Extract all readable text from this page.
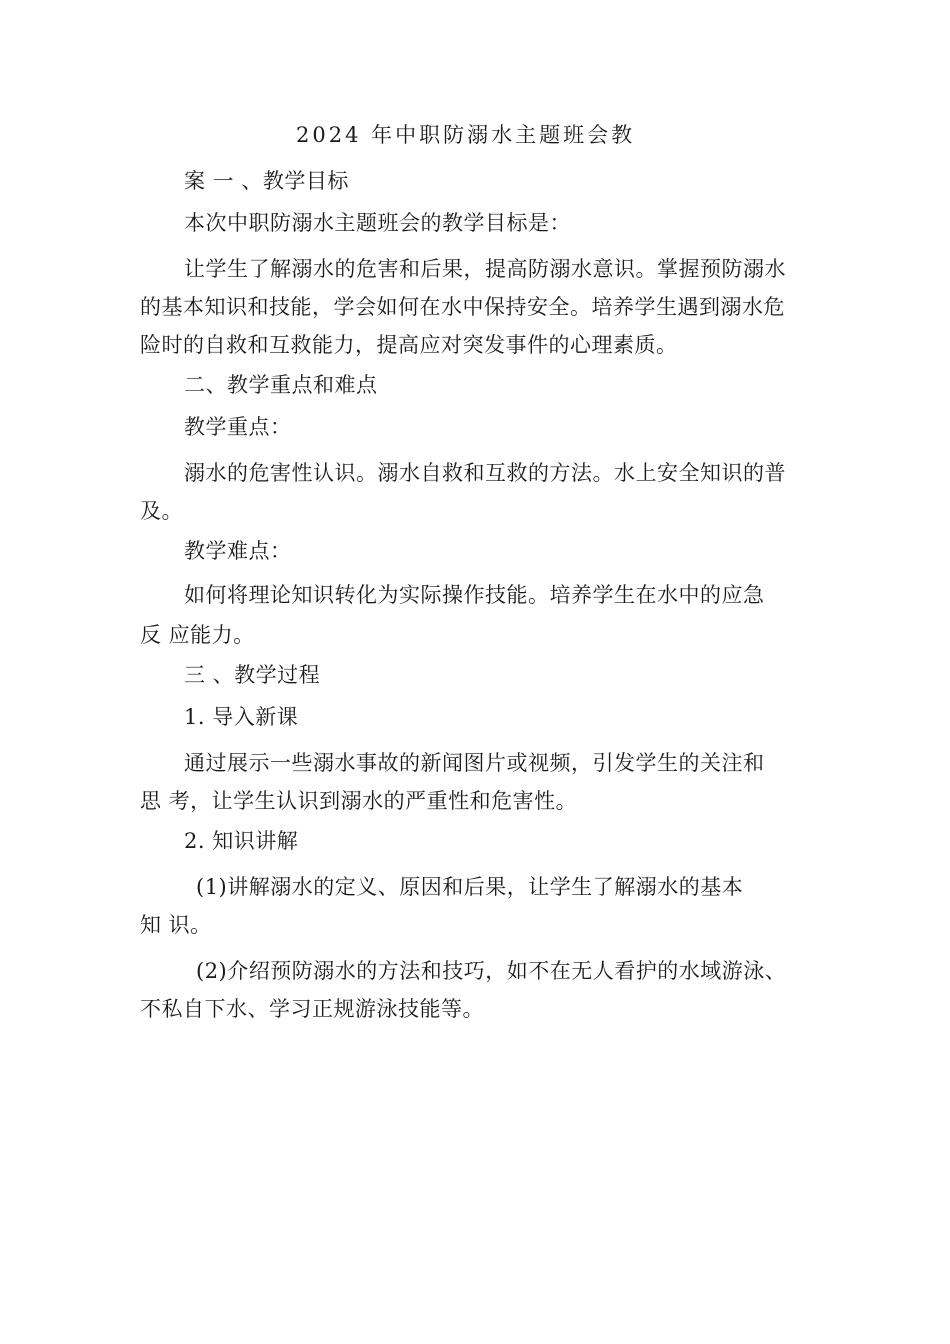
2024 年中职防溺水主题班会教
案 一 、教学目标
本次中职防溺水主题班会的教学目标是：
让学生了解溺水的危害和后果，提高防溺水意识。掌握预防溺水
的基本知识和技能，学会如何在水中保持安全。培养学生遇到溺水危
险时的自救和互救能力，提高应对突发事件的心理素质。
二、教学重点和难点
教学重点：
溺水的危害性认识。溺水自救和互救的方法。水上安全知识的普
及。
教学难点：
如何将理论知识转化为实际操作技能。培养学生在水中的应急
反 应能力。
三 、教学过程
1. 导入新课
通过展示一些溺水事故的新闻图片或视频，引发学生的关注和
思 考，让学生认识到溺水的严重性和危害性。
2. 知识讲解
(1)讲解溺水的定义、原因和后果，让学生了解溺水的基本
知 识。
(2)介绍预防溺水的方法和技巧，如不在无人看护的水域游泳、
不私自下水、学习正规游泳技能等。
